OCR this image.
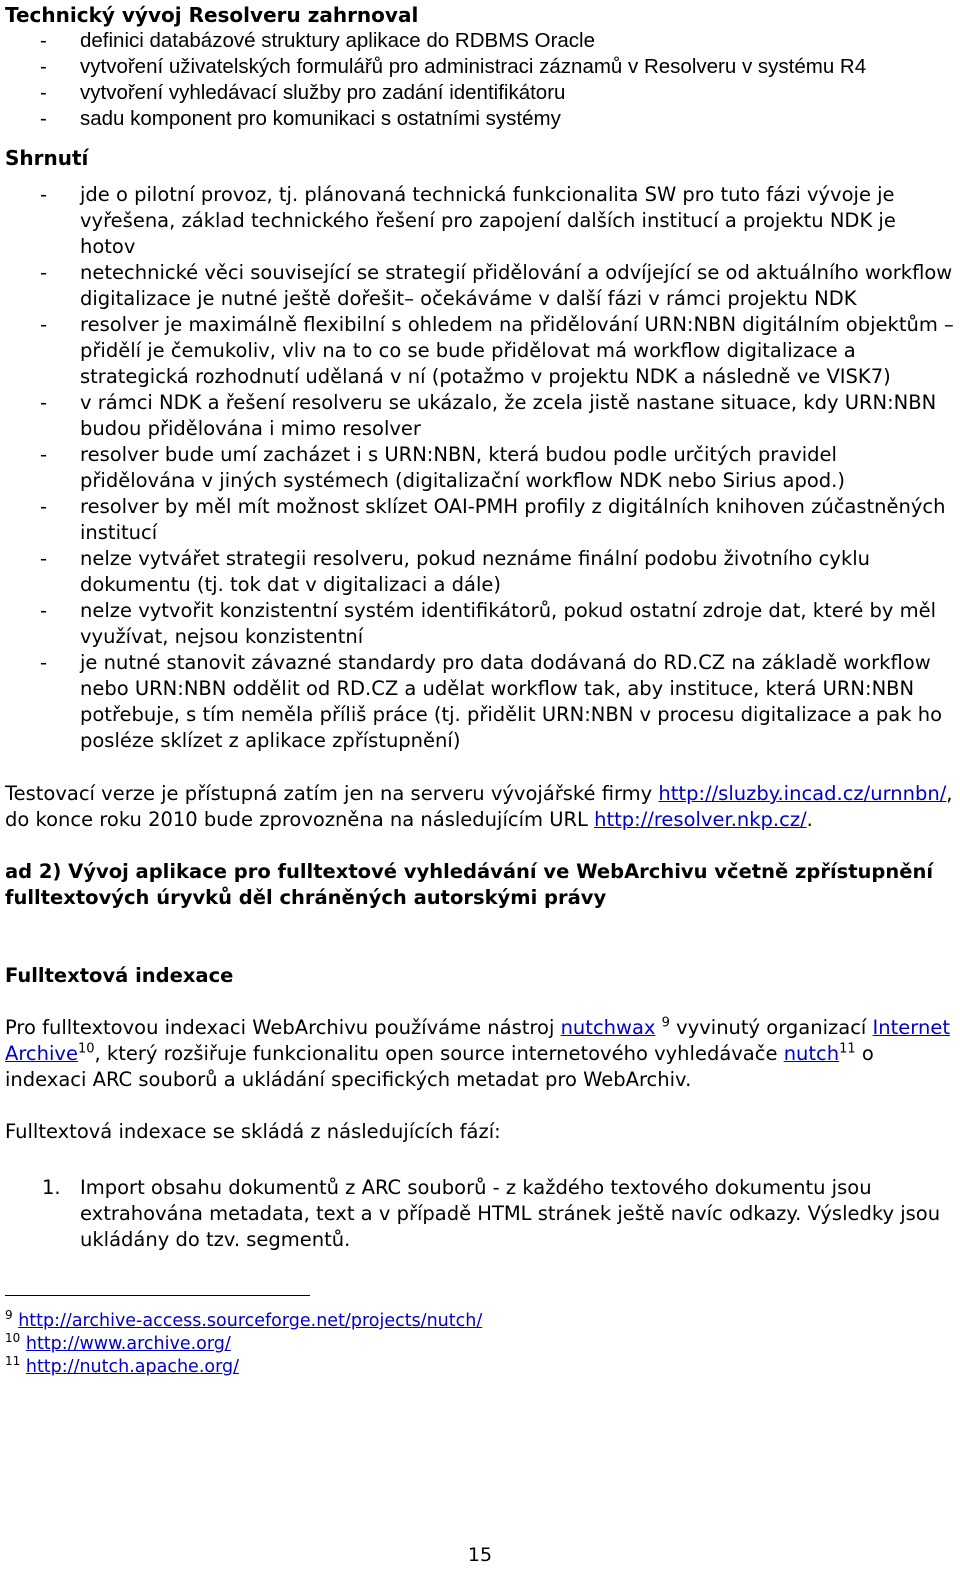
Technický vývoj Resolveru zahrnoval
- definici databázové struktury aplikace do RDBMS Oracle
- vytvoření uživatelských formulářů pro administraci záznamů v Resolveru v systému R4
- vytvoření vyhledávací služby pro zadání identifikátoru
- sadu komponent pro komunikaci s ostatními systémy
Shrnutí
- jde o pilotní provoz, tj. plánovaná technická funkcionalita SW pro tuto fázi vývoje je vyřešena, základ technického řešení pro zapojení dalších institucí a projektu NDK je hotov
- netechnické věci související se strategií přidělování a odvíjející se od aktuálního workflow digitalizace je nutné ještě dořešit– očekáváme v další fázi v rámci projektu NDK
- resolver je maximálně flexibilní s ohledem na přidělování URN:NBN digitálním objektům – přidělí je čemukoliv, vliv na to co se bude přidělovat má workflow digitalizace a strategická rozhodnutí udělaná v ní (potažmo v projektu NDK a následně ve VISK7)
- v rámci NDK a řešení resolveru se ukázalo, že zcela jistě nastane situace, kdy URN:NBN budou přidělována i mimo resolver
- resolver bude umí zacházet i s URN:NBN, která budou podle určitých pravidel přidělována v jiných systémech (digitalizační workflow NDK nebo Sirius apod.)
- resolver by měl mít možnost sklízet OAI-PMH profily z digitálních knihoven zúčastněných institucí
- nelze vytvářet strategii resolveru, pokud neznáme finální podobu životního cyklu dokumentu (tj. tok dat v digitalizaci a dále)
- nelze vytvořit konzistentní systém identifikátorů, pokud ostatní zdroje dat, které by měl využívat, nejsou konzistentní
- je nutné stanovit závazné standardy pro data dodávaná do RD.CZ na základě workflow nebo URN:NBN oddělit od RD.CZ a udělat workflow tak, aby instituce, která URN:NBN potřebuje, s tím neměla příliš práce (tj. přidělit URN:NBN v procesu digitalizace a pak ho posléze sklízet z aplikace zpřístupnění)
Testovací verze je přístupná zatím jen na serveru vývojářské firmy http://sluzby.incad.cz/urnnbn/, do konce roku 2010 bude zprovozněna na následujícím URL http://resolver.nkp.cz/.
ad 2) Vývoj aplikace pro fulltextové vyhledávání ve WebArchivu včetně zpřístupnění fulltextových úryvků děl chráněných autorskými právy
Fulltextová indexace
Pro fulltextovou indexaci WebArchivu používáme nástroj nutchwax $^9$ vyvinutý organizací Internet Archive$^{10}$, který rozšiřuje funkcionalitu open source internetového vyhledávače nutch$^{11}$ o indexaci ARC souborů a ukládání specifických metadat pro WebArchiv.
Fulltextová indexace se skládá z následujících fází:
1. Import obsahu dokumentů z ARC souborů - z každého textového dokumentu jsou extrahována metadata, text a v případě HTML stránek ještě navíc odkazy. Výsledky jsou ukládány do tzv. segmentů.
$^9$ http://archive-access.sourceforge.net/projects/nutch/
$^{10}$ http://www.archive.org/
$^{11}$ http://nutch.apache.org/
15
